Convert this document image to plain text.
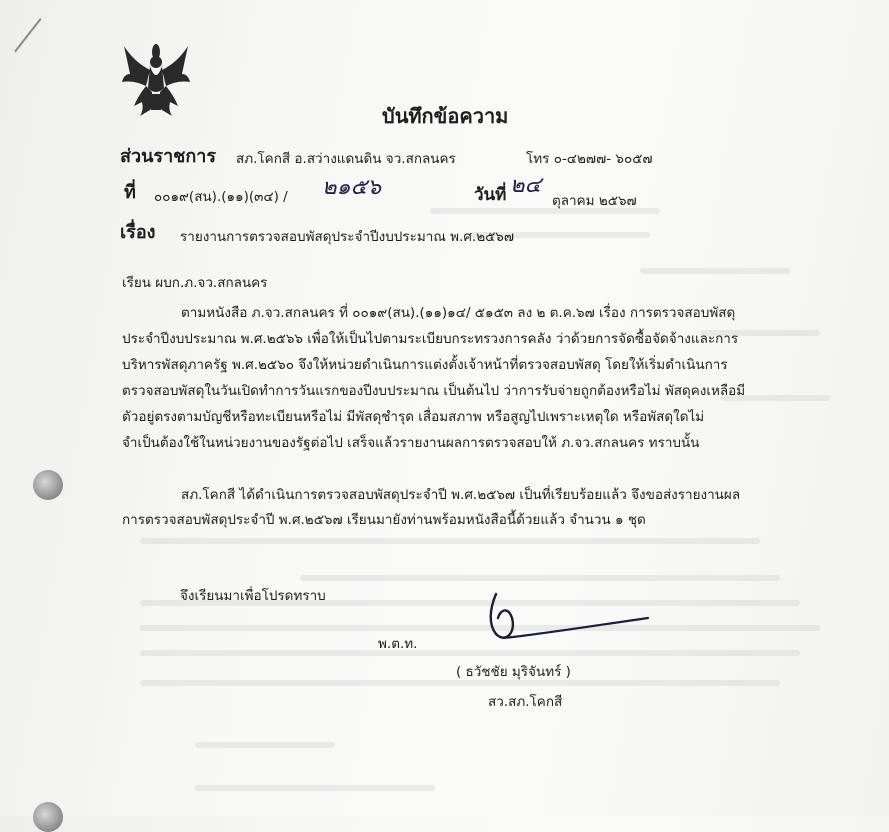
บันทึกข้อความ
ส่วนราชการ สภ.โคกสี อ.สว่างแดนดิน จว.สกลนคร	โทร ๐-๔๒๗๗- ๖๐๕๗
ที่ ๐๐๑๙(สน).(๑๑)(๓๔) / ๒๑๕๖	วันที่ ๒๔
ตุลาคม ๒๕๖๗
เรื่อง รายงานการตรวจสอบพัสดุประจำปีงบประมาณ พ.ศ.๒๕๖๗
เรียน ผบก.ภ.จว.สกลนคร
ตามหนังสือ ภ.จว.สกลนคร ที่ ๐๐๑๙(สน).(๑๑)๑๔/ ๕๑๕๓ ลง ๒ ต.ค.๖๗ เรื่อง การตรวจสอบพัสดุ
ประจำปีงบประมาณ พ.ศ.๒๕๖๖ เพื่อให้เป็นไปตามระเบียบกระทรวงการคลัง ว่าด้วยการจัดซื้อจัดจ้างและการ
บริหารพัสดุภาครัฐ พ.ศ.๒๕๖๐ จึงให้หน่วยดำเนินการแต่งตั้งเจ้าหน้าที่ตรวจสอบพัสดุ โดยให้เริ่มดำเนินการ
ตรวจสอบพัสดุในวันเปิดทำการวันแรกของปีงบประมาณ เป็นต้นไป ว่าการรับจ่ายถูกต้องหรือไม่ พัสดุคงเหลือมี
ตัวอยู่ตรงตามบัญชีหรือทะเบียนหรือไม่ มีพัสดุชำรุด เสื่อมสภาพ หรือสูญไปเพราะเหตุใด หรือพัสดุใดไม่
จำเป็นต้องใช้ในหน่วยงานของรัฐต่อไป เสร็จแล้วรายงานผลการตรวจสอบให้ ภ.จว.สกลนคร ทราบนั้น
สภ.โคกสี ได้ดำเนินการตรวจสอบพัสดุประจำปี พ.ศ.๒๕๖๗ เป็นที่เรียบร้อยแล้ว จึงขอส่งรายงานผล
การตรวจสอบพัสดุประจำปี พ.ศ.๒๕๖๗ เรียนมายังท่านพร้อมหนังสือนี้ด้วยแล้ว จำนวน ๑ ชุด
จึงเรียนมาเพื่อโปรดทราบ
พ.ต.ท.
( ธวัชชัย มุริจันทร์ )
สว.สภ.โคกสี
